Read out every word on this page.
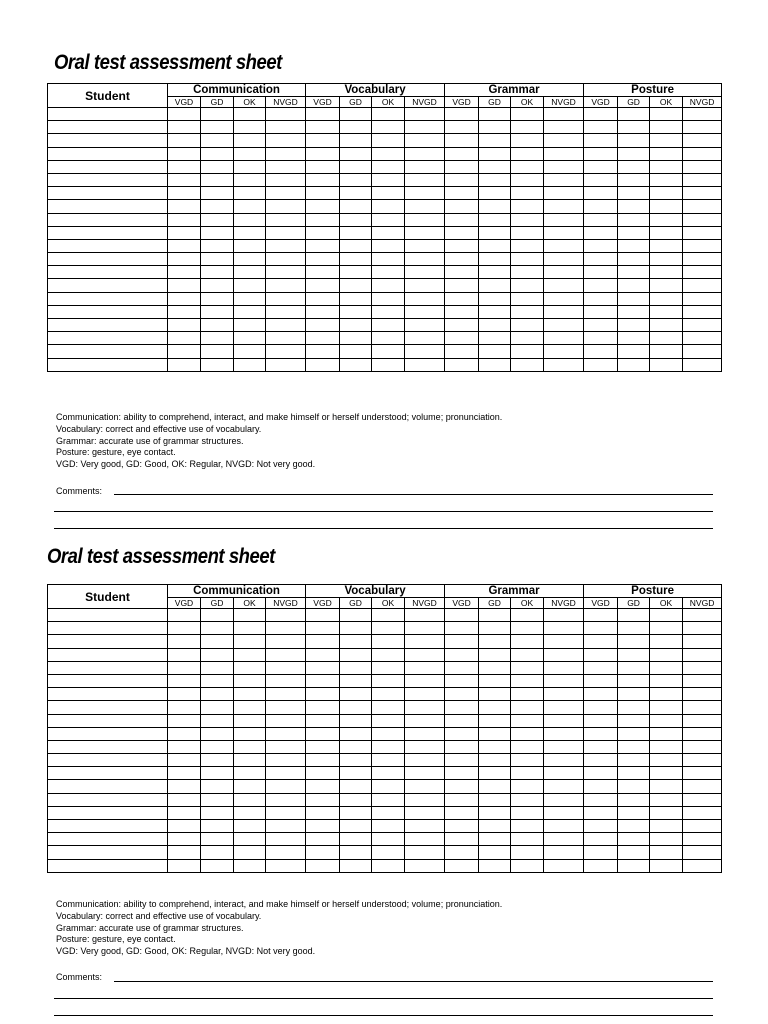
Oral test assessment sheet
Student	Communication				Vocabulary				Grammar				Posture			
	VGD	GD	OK	NVGD	VGD	GD	OK	NVGD	VGD	GD	OK	NVGD	VGD	GD	OK	NVGD

Communication: ability to comprehend, interact, and make himself or herself understood; volume; pronunciation.
Vocabulary: correct and effective use of vocabulary.
Grammar: accurate use of grammar structures.
Posture: gesture, eye contact.
VGD: Very good, GD: Good, OK: Regular, NVGD: Not very good.
Comments:
Oral test assessment sheet
Student	Communication				Vocabulary				Grammar				Posture			
	VGD	GD	OK	NVGD	VGD	GD	OK	NVGD	VGD	GD	OK	NVGD	VGD	GD	OK	NVGD

Communication: ability to comprehend, interact, and make himself or herself understood; volume; pronunciation.
Vocabulary: correct and effective use of vocabulary.
Grammar: accurate use of grammar structures.
Posture: gesture, eye contact.
VGD: Very good, GD: Good, OK: Regular, NVGD: Not very good.
Comments:
